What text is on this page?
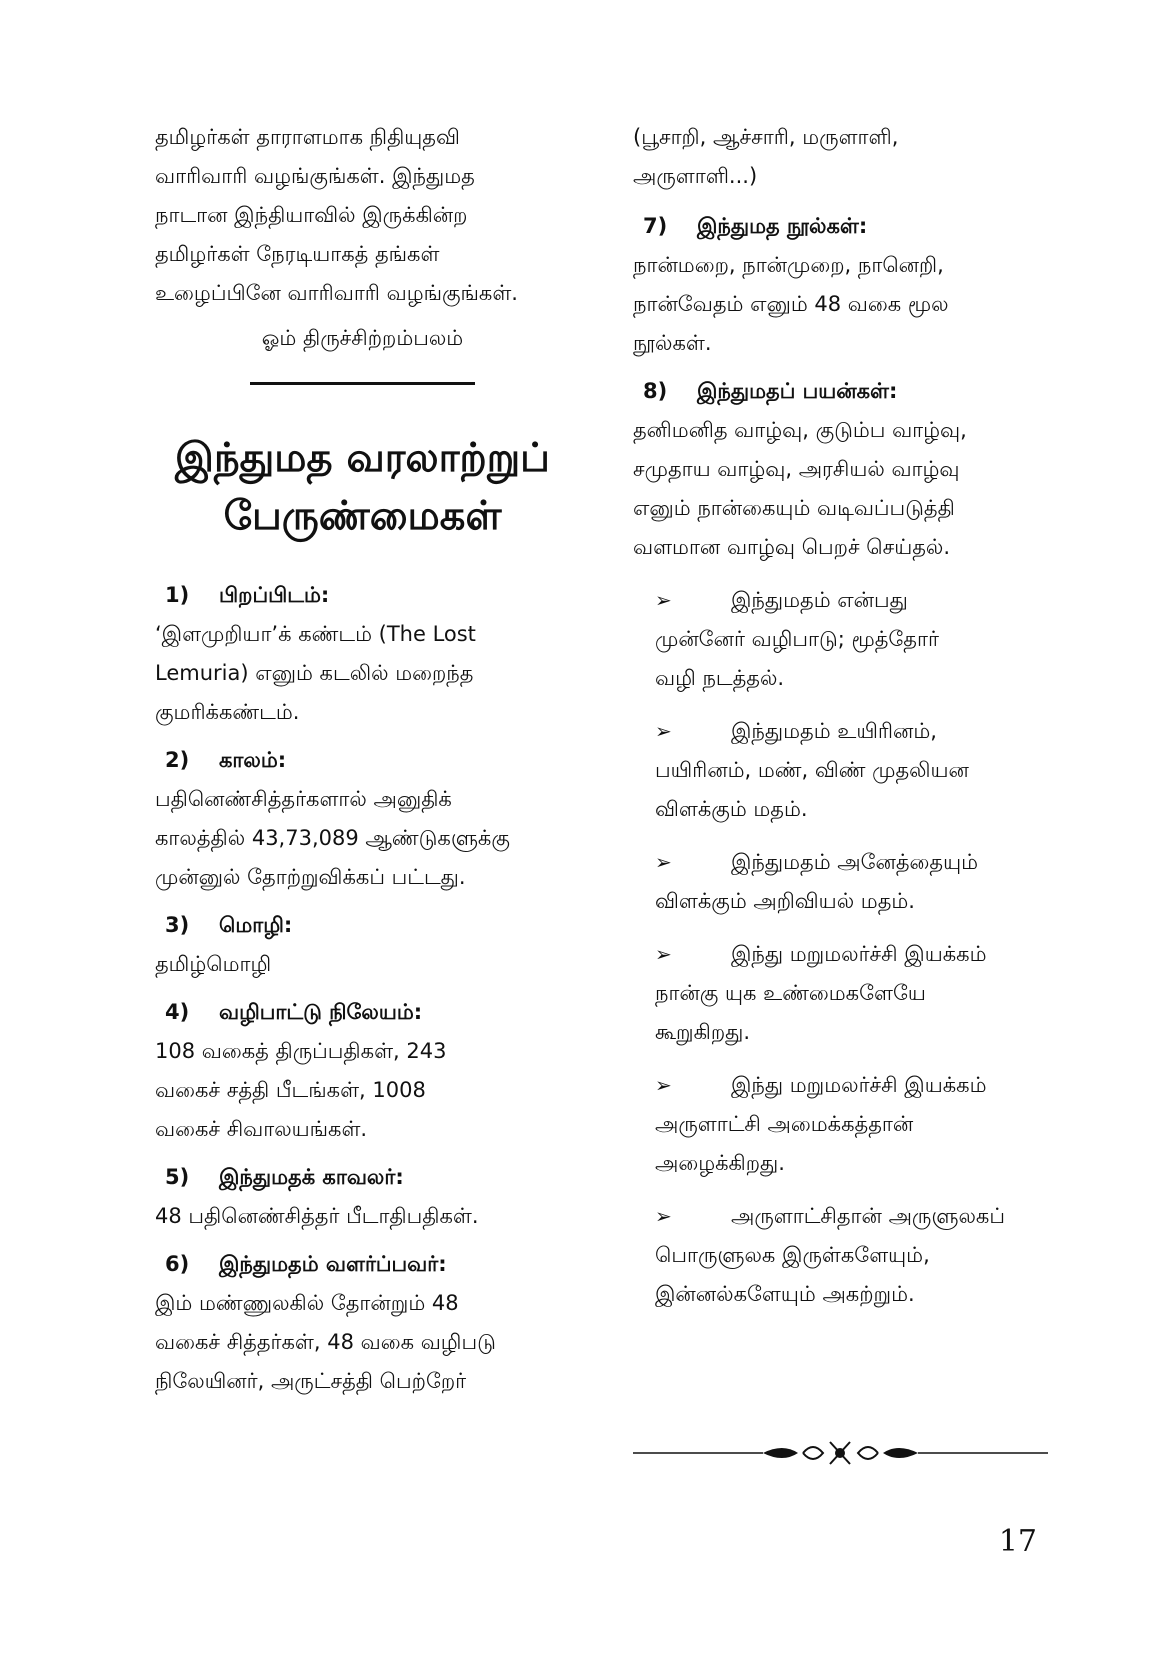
தமிழர்கள் தாராளமாக நிதியுதவி

வாரிவாரி வழங்குங்கள். இந்துமத

நாடான இந்தியாவில் இருக்கின்ற

தமிழர்கள் நேரடியாகத் தங்கள்

உழைப்பினே வாரிவாரி வழங்குங்கள்.

ஓம் திருச்சிற்றம்பலம்

இந்துமத வரலாற்றுப்
பேருண்மைகள்
1) பிறப்பிடம்:

‘இளமுறியா’க் கண்டம் (The Lost

Lemuria) எனும் கடலில் மறைந்த

குமரிக்கண்டம்.

2) காலம்:

பதினெண்சித்தர்களால் அனுதிக்

காலத்தில் 43,73,089 ஆண்டுகளுக்கு

முன்னுல் தோற்றுவிக்கப் பட்டது.

3) மொழி:

தமிழ்மொழி

4) வழிபாட்டு நிலேயம்:

108 வகைத் திருப்பதிகள், 243

வகைச் சத்தி பீடங்கள், 1008

வகைச் சிவாலயங்கள்.

5) இந்துமதக் காவலர்:

48 பதினெண்சித்தர் பீடாதிபதிகள்.

6) இந்துமதம் வளர்ப்பவர்:

இம் மண்ணுலகில் தோன்றும் 48

வகைச் சித்தர்கள், 48 வகை வழிபடு

நிலேயினர், அருட்சத்தி பெற்றேர்

(பூசாறி, ஆச்சாரி, மருளாளி,

அருளாளி...)

7) இந்துமத நூல்கள்:

நான்மறை, நான்முறை, நானெறி,

நான்வேதம் எனும் 48 வகை மூல

நூல்கள்.

8) இந்துமதப் பயன்கள்:

தனிமனித வாழ்வு, குடும்ப வாழ்வு,

சமுதாய வாழ்வு, அரசியல் வாழ்வு

எனும் நான்கையும் வடிவப்படுத்தி

வளமான வாழ்வு பெறச் செய்தல்.

➢	இந்துமதம் என்பது

முன்னேர் வழிபாடு; மூத்தோர்

வழி நடத்தல்.

➢	இந்துமதம் உயிரினம்,

பயிரினம், மண், விண் முதலியன

விளக்கும் மதம்.

➢	இந்துமதம் அனேத்தையும்

விளக்கும் அறிவியல் மதம்.

➢	இந்து மறுமலர்ச்சி இயக்கம்

நான்கு யுக உண்மைகளேயே

கூறுகிறது.

➢	இந்து மறுமலர்ச்சி இயக்கம்

அருளாட்சி அமைக்கத்தான்

அழைக்கிறது.

➢	அருளாட்சிதான் அருளுலகப்

பொருளுலக இருள்களேயும்,

இன்னல்களேயும் அகற்றும்.

17
